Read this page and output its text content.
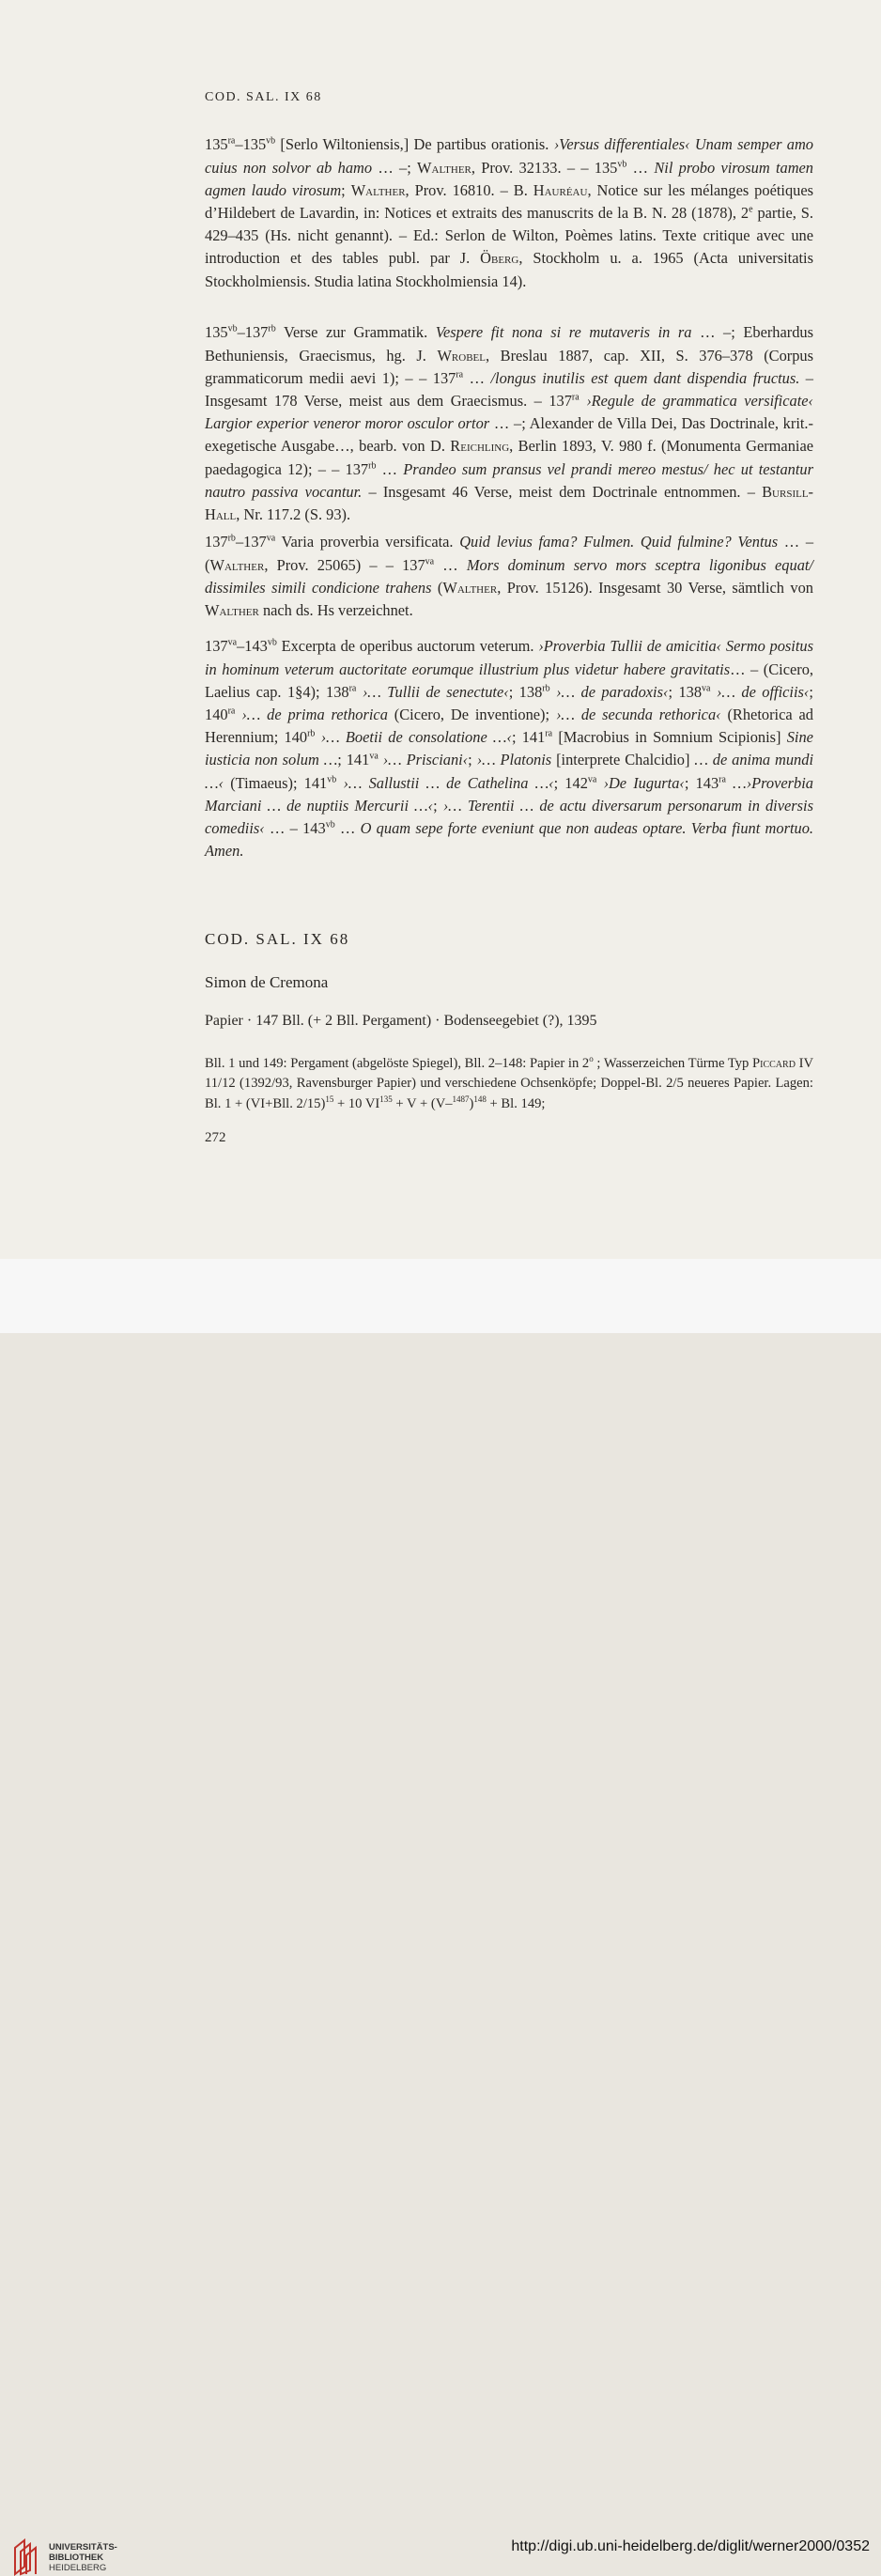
COD. SAL. IX 68

$135^{ra}-135^{vb}$ [Serlo Wiltoniensis,] De partibus orationis. ›Versus differentiales‹ Unam semper amo cuius non solvor ab hamo … –; Walther, Prov. 32133. – – $135^{vb}$ … Nil probo virosum tamen agmen laudo virosum; Walther, Prov. 16810. – B. Hauréau, Notice sur les mélanges poétiques d’Hildebert de Lavardin, in: Notices et extraits des manuscrits de la B. N. 28 (1878), 2e partie, S. 429–435 (Hs. nicht genannt). – Ed.: Serlon de Wilton, Poèmes latins. Texte critique avec une introduction et des tables publ. par J. Öberg, Stockholm u. a. 1965 (Acta universitatis Stockholmiensis. Studia latina Stockholmiensia 14).

$135^{vb}-137^{rb}$ Verse zur Grammatik. Vespere fit nona si re mutaveris in ra … –; Eberhardus Bethuniensis, Graecismus, hg. J. Wrobel, Breslau 1887, cap. XII, S. 376–378 (Corpus grammaticorum medii aevi 1); – – $137^{ra}$ … /longus inutilis est quem dant dispendia fructus. – Insgesamt 178 Verse, meist aus dem Graecismus. – $137^{ra}$ ›Regule de grammatica versificate‹ Largior experior veneror moror osculor ortor … –; Alexander de Villa Dei, Das Doctrinale, krit.-exegetische Ausgabe…, bearb. von D. Reichling, Berlin 1893, V. 980 f. (Monumenta Germaniae paedagogica 12); – – $137^{rb}$ … Prandeo sum pransus vel prandi mereo mestus/ hec ut testantur nautro passiva vocantur. – Insgesamt 46 Verse, meist dem Doctrinale entnommen. – Bursill-Hall, Nr. 117.2 (S. 93).

$137^{rb}-137^{va}$ Varia proverbia versificata. Quid levius fama? Fulmen. Quid fulmine? Ventus … – (Walther, Prov. 25065) – – $137^{va}$ … Mors dominum servo mors sceptra ligonibus equat/ dissimiles simili condicione trahens (Walther, Prov. 15126). Insgesamt 30 Verse, sämtlich von Walther nach ds. Hs verzeichnet.

$137^{va}-143^{vb}$ Excerpta de operibus auctorum veterum. ›Proverbia Tullii de amicitia‹ Sermo positus in hominum veterum auctoritate eorumque illustrium plus videtur habere gravitatis… – (Cicero, Laelius cap. 1§4); $138^{ra}$ ›… Tullii de senectute‹; $138^{rb}$ ›… de paradoxis‹; $138^{va}$ ›… de officiis‹; $140^{ra}$ ›… de prima rethorica (Cicero, De inventione); ›… de secunda rethorica‹ (Rhetorica ad Herennium; $140^{rb}$ ›… Boetii de consolatione …‹; $141^{ra}$ [Macrobius in Somnium Scipionis] Sine iusticia non solum …; $141^{va}$ ›… Prisciani‹; ›… Platonis [interprete Chalcidio] … de anima mundi …‹ (Timaeus); $141^{vb}$ ›… Sallustii … de Cathelina …‹; $142^{va}$ ›De Iugurta‹; $143^{ra}$ …›Proverbia Marciani … de nuptiis Mercurii …‹; ›… Terentii … de actu diversarum personarum in diversis comediis‹ … – $143^{vb}$ … O quam sepe forte eveniunt que non audeas optare. Verba fiunt mortuo. Amen.

COD. SAL. IX 68
Simon de Cremona
Papier · 147 Bll. (+ 2 Bll. Pergament) · Bodenseegebiet (?), 1395

Bll. 1 und 149: Pergament (abgelöste Spiegel), Bll. 2–148: Papier in 2$^o$ ; Wasserzeichen Türme Typ Piccard IV 11/12 (1392/93, Ravensburger Papier) und verschiedene Ochsenköpfe; Doppel-Bl. 2/5 neueres Papier. Lagen: Bl. 1 + (VI+Bll. 2/15)$^{15}$ + 10 $VI^{135} + V + (V-^{1487})^{148} + Bl$. 149;

272
UNIVERSITÄTS-
BIBLIOTHEK
HEIDELBERG
http://digi.ub.uni-heidelberg.de/diglit/werner2000/0352
